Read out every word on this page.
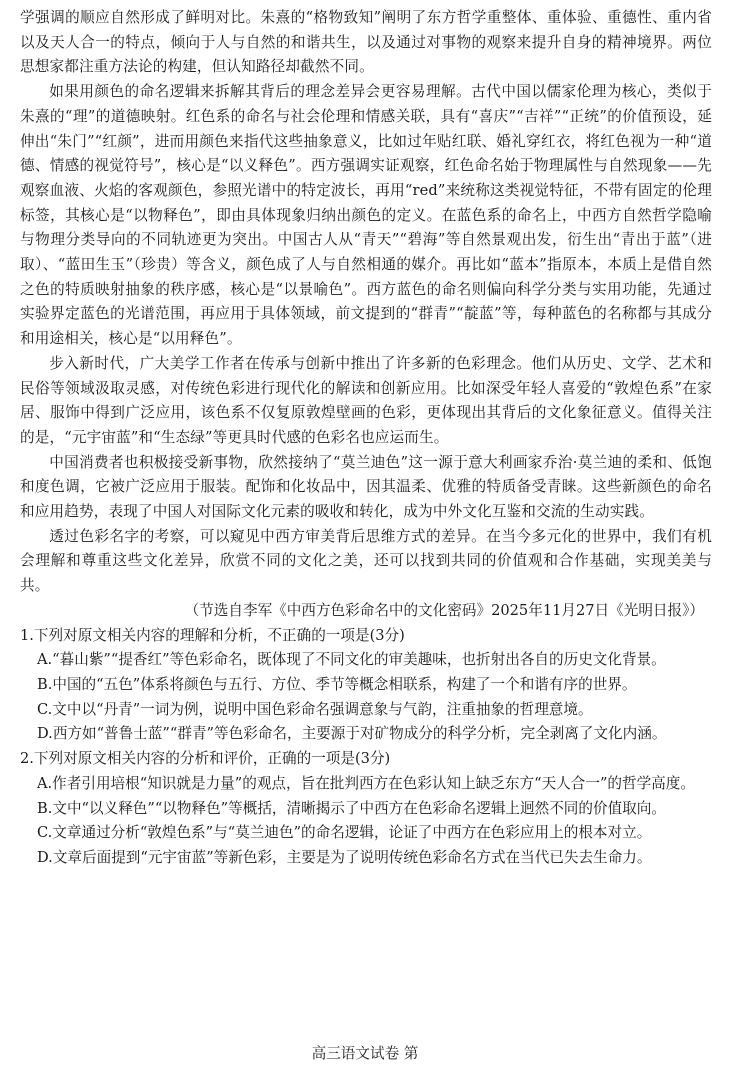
学强调的顺应自然形成了鲜明对比。朱熹的“格物致知”阐明了东方哲学重整体、重体验、重德性、重内省以及天人合一的特点，倾向于人与自然的和谐共生，以及通过对事物的观察来提升自身的精神境界。两位思想家都注重方法论的构建，但认知路径却截然不同。

如果用颜色的命名逻辑来拆解其背后的理念差异会更容易理解。古代中国以儒家伦理为核心，类似于朱熹的“理”的道德映射。红色系的命名与社会伦理和情感关联，具有“喜庆”“吉祥”“正统”的价值预设，延伸出“朱门”“红颜”，进而用颜色来指代这些抽象意义，比如过年贴红联、婚礼穿红衣，将红色视为一种“道德、情感的视觉符号”，核心是“以义释色”。西方强调实证观察，红色命名始于物理属性与自然现象——先观察血液、火焰的客观颜色，参照光谱中的特定波长，再用“red”来统称这类视觉特征，不带有固定的伦理标签，其核心是“以物释色”，即由具体现象归纳出颜色的定义。在蓝色系的命名上，中西方自然哲学隐喻与物理分类导向的不同轨迹更为突出。中国古人从“青天”“碧海”等自然景观出发，衍生出“青出于蓝”（进取）、“蓝田生玉”（珍贵）等含义，颜色成了人与自然相通的媒介。再比如“蓝本”指原本，本质上是借自然之色的特质映射抽象的秩序感，核心是“以景喻色”。西方蓝色的命名则偏向科学分类与实用功能，先通过实验界定蓝色的光谱范围，再应用于具体领域，前文提到的“群青”“靛蓝”等，每种蓝色的名称都与其成分和用途相关，核心是“以用释色”。

步入新时代，广大美学工作者在传承与创新中推出了许多新的色彩理念。他们从历史、文学、艺术和民俗等领域汲取灵感，对传统色彩进行现代化的解读和创新应用。比如深受年轻人喜爱的“敦煌色系”在家居、服饰中得到广泛应用，该色系不仅复原敦煌壁画的色彩，更体现出其背后的文化象征意义。值得关注的是，“元宇宙蓝”和“生态绿”等更具时代感的色彩名也应运而生。

中国消费者也积极接受新事物，欣然接纳了“莫兰迪色”这一源于意大利画家乔治·莫兰迪的柔和、低饱和度色调，它被广泛应用于服装。配饰和化妆品中，因其温柔、优雅的特质备受青睐。这些新颜色的命名和应用趋势，表现了中国人对国际文化元素的吸收和转化，成为中外文化互鉴和交流的生动实践。

透过色彩名字的考察，可以窥见中西方审美背后思维方式的差异。在当今多元化的世界中，我们有机会理解和尊重这些文化差异，欣赏不同的文化之美，还可以找到共同的价值观和合作基础，实现美美与共。

（节选自李军《中西方色彩命名中的文化密码》2025年11月27日《光明日报》）

1.下列对原文相关内容的理解和分析，不正确的一项是(3分)

A.“暮山紫”“提香红”等色彩命名，既体现了不同文化的审美趣味，也折射出各自的历史文化背景。

B.中国的“五色”体系将颜色与五行、方位、季节等概念相联系，构建了一个和谐有序的世界。

C.文中以“丹青”一词为例，说明中国色彩命名强调意象与气韵，注重抽象的哲理意境。

D.西方如“普鲁士蓝”“群青”等色彩命名，主要源于对矿物成分的科学分析，完全剥离了文化内涵。

2.下列对原文相关内容的分析和评价，正确的一项是(3分)

A.作者引用培根“知识就是力量”的观点，旨在批判西方在色彩认知上缺乏东方“天人合一”的哲学高度。

B.文中“以义释色”“以物释色”等概括，清晰揭示了中西方在色彩命名逻辑上迥然不同的价值取向。

C.文章通过分析“敦煌色系”与“莫兰迪色”的命名逻辑，论证了中西方在色彩应用上的根本对立。

D.文章后面提到“元宇宙蓝”等新色彩，主要是为了说明传统色彩命名方式在当代已失去生命力。

高三语文试卷 第
